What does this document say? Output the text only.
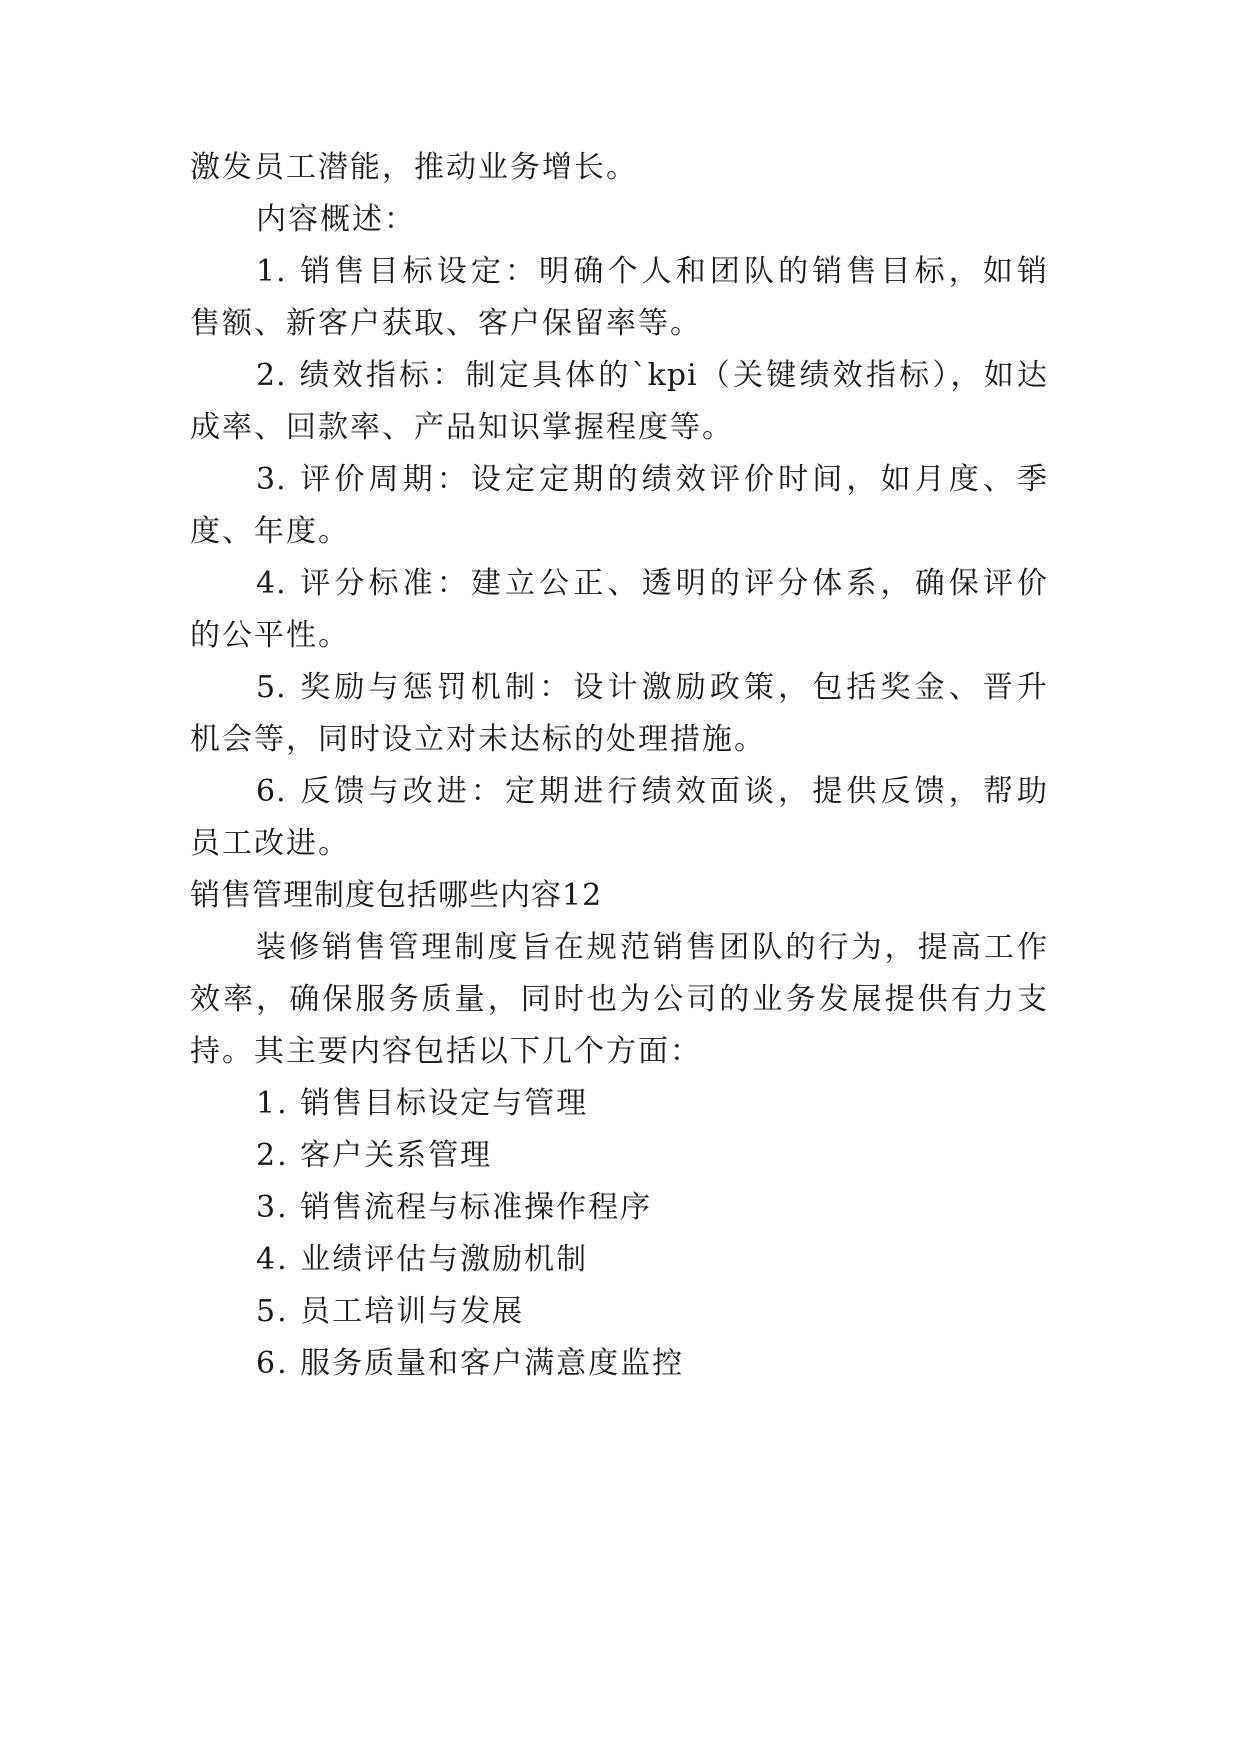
激发员工潜能，推动业务增长。

内容概述：

1. 销售目标设定：明确个人和团队的销售目标，如销

售额、新客户获取、客户保留率等。

2. 绩效指标：制定具体的`kpi（关键绩效指标），如达

成率、回款率、产品知识掌握程度等。

3. 评价周期：设定定期的绩效评价时间，如月度、季

度、年度。

4. 评分标准：建立公正、透明的评分体系，确保评价

的公平性。

5. 奖励与惩罚机制：设计激励政策，包括奖金、晋升

机会等，同时设立对未达标的处理措施。

6. 反馈与改进：定期进行绩效面谈，提供反馈，帮助

员工改进。

销售管理制度包括哪些内容12

装修销售管理制度旨在规范销售团队的行为，提高工作

效率，确保服务质量，同时也为公司的业务发展提供有力支

持。其主要内容包括以下几个方面：

1. 销售目标设定与管理

2. 客户关系管理

3. 销售流程与标准操作程序

4. 业绩评估与激励机制

5. 员工培训与发展

6. 服务质量和客户满意度监控
